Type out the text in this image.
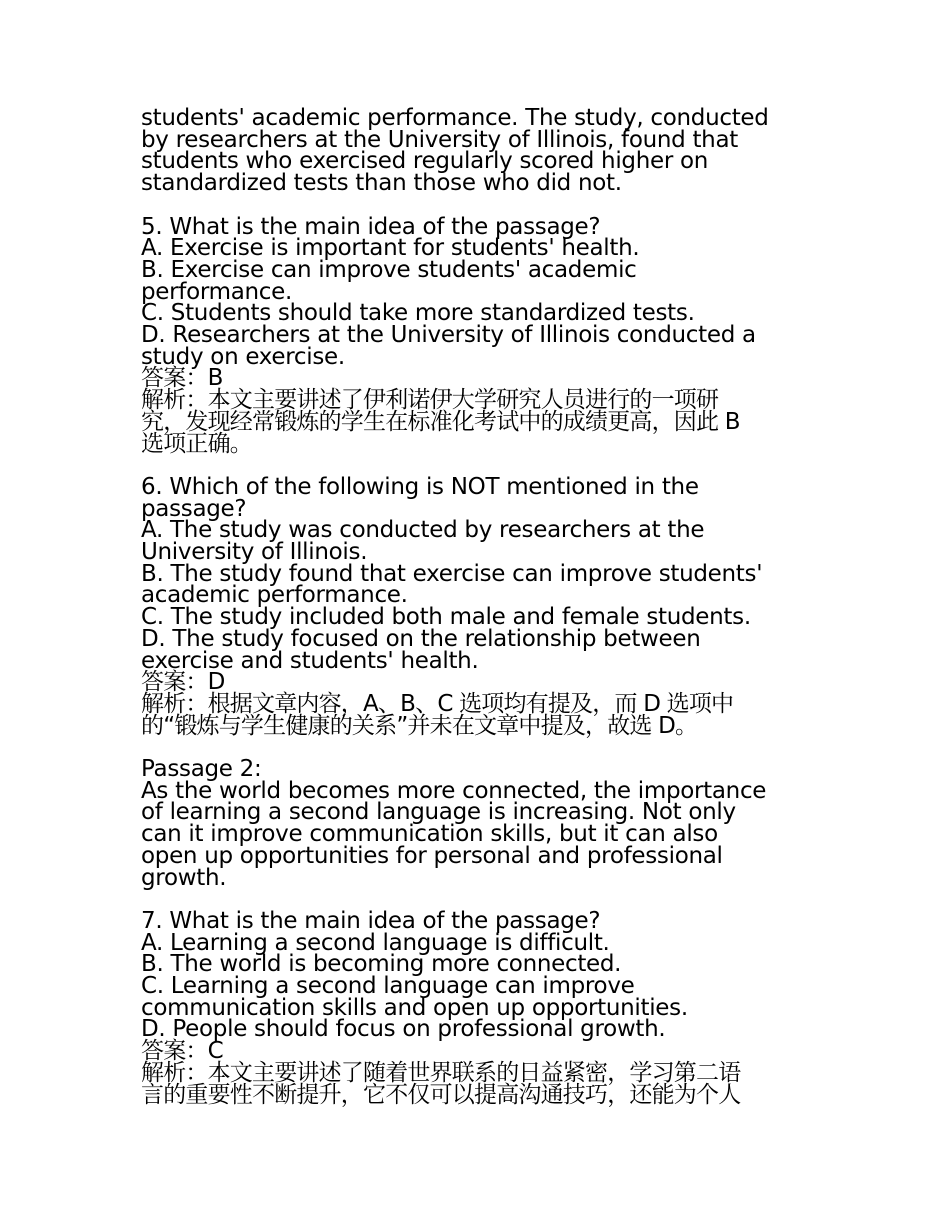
students' academic performance. The study, conducted
by researchers at the University of Illinois, found that
students who exercised regularly scored higher on
standardized tests than those who did not.
5. What is the main idea of the passage?
A. Exercise is important for students' health.
B. Exercise can improve students' academic
performance.
C. Students should take more standardized tests.
D. Researchers at the University of Illinois conducted a
study on exercise.
答案：B
解析：本文主要讲述了伊利诺伊大学研究人员进行的一项研
究，发现经常锻炼的学生在标准化考试中的成绩更高，因此 B
选项正确。
6. Which of the following is NOT mentioned in the
passage?
A. The study was conducted by researchers at the
University of Illinois.
B. The study found that exercise can improve students'
academic performance.
C. The study included both male and female students.
D. The study focused on the relationship between
exercise and students' health.
答案：D
解析：根据文章内容，A、B、C 选项均有提及，而 D 选项中
的“锻炼与学生健康的关系”并未在文章中提及，故选 D。
Passage 2:
As the world becomes more connected, the importance
of learning a second language is increasing. Not only
can it improve communication skills, but it can also
open up opportunities for personal and professional
growth.
7. What is the main idea of the passage?
A. Learning a second language is difficult.
B. The world is becoming more connected.
C. Learning a second language can improve
communication skills and open up opportunities.
D. People should focus on professional growth.
答案：C
解析：本文主要讲述了随着世界联系的日益紧密，学习第二语
言的重要性不断提升，它不仅可以提高沟通技巧，还能为个人
